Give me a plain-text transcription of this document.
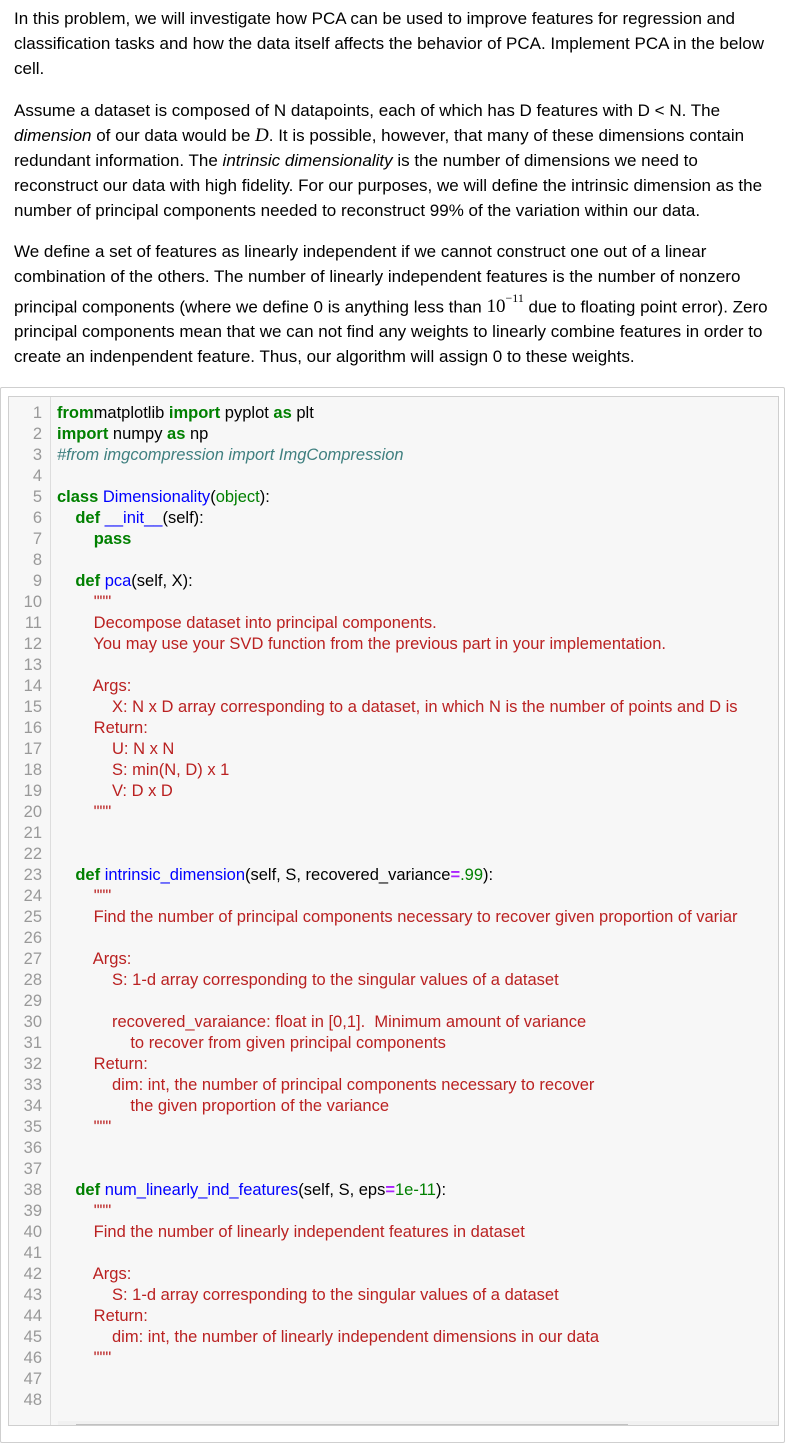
In this problem, we will investigate how PCA can be used to improve features for regression and classification tasks and how the data itself affects the behavior of PCA. Implement PCA in the below cell.

Assume a dataset is composed of N datapoints, each of which has D features with D < N. The dimension of our data would be D. It is possible, however, that many of these dimensions contain redundant information. The intrinsic dimensionality is the number of dimensions we need to reconstruct our data with high fidelity. For our purposes, we will define the intrinsic dimension as the number of principal components needed to reconstruct 99% of the variation within our data.

We define a set of features as linearly independent if we cannot construct one out of a linear combination of the others. The number of linearly independent features is the number of nonzero principal components (where we define 0 is anything less than $10^{-11}$ due to floating point error). Zero principal components mean that we can not find any weights to linearly combine features in order to create an indenpendent feature. Thus, our algorithm will assign 0 to these weights.

1 frommatplotlib import pyplot as plt
2 import numpy as np
3 #from imgcompression import ImgCompression
4
5 class Dimensionality(object):
6	def __init__(self):
7	pass
8
9	def pca(self, X):
10	"""
11 Decompose dataset into principal components.
12 You may use your SVD function from the previous part in your implementation.
13
14 Args:
15 X: N x D array corresponding to a dataset, in which N is the number of points and D is
16 Return:
17 U: N x N
18 S: min(N, D) x 1
19 V: D x D
20 """
21
22
23	def intrinsic_dimension(self, S, recovered_variance=.99):
24	"""
25 Find the number of principal components necessary to recover given proportion of variar
26
27 Args:
28 S: 1-d array corresponding to the singular values of a dataset
29
30 recovered_varaiance: float in [0,1].  Minimum amount of variance
31 to recover from given principal components
32 Return:
33 dim: int, the number of principal components necessary to recover
34 the given proportion of the variance
35 """
36
37
38	def num_linearly_ind_features(self, S, eps=1e-11):
39	"""
40 Find the number of linearly independent features in dataset
41
42 Args:
43 S: 1-d array corresponding to the singular values of a dataset
44 Return:
45 dim: int, the number of linearly independent dimensions in our data
46 """
47
48
